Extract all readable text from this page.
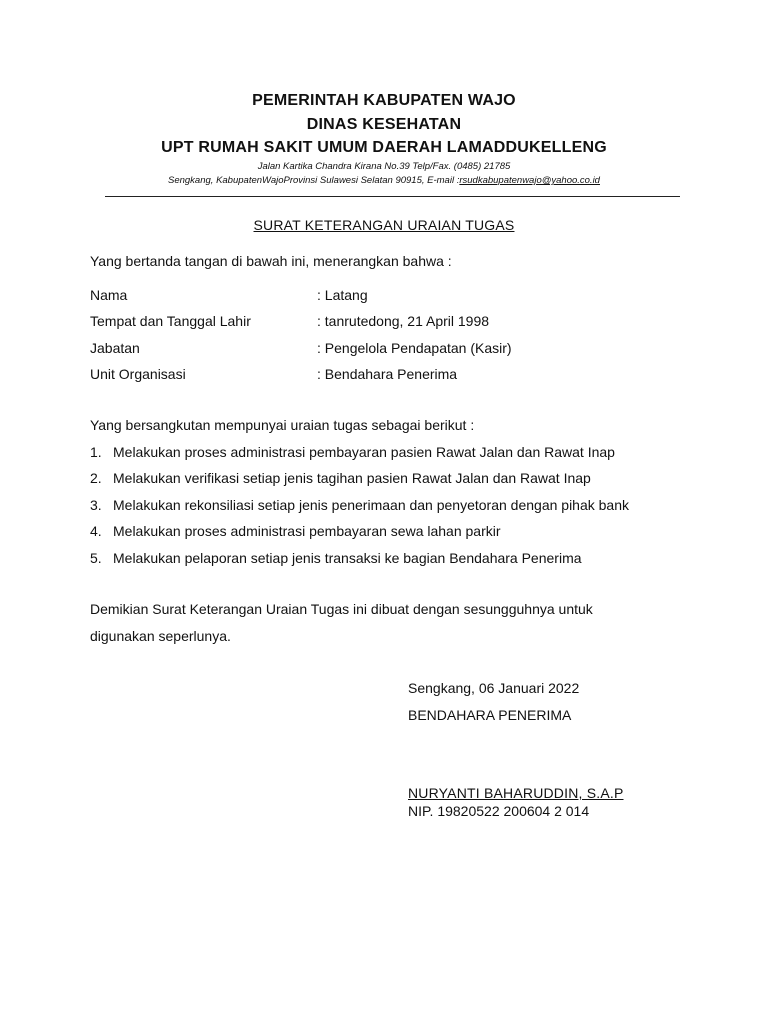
PEMERINTAH KABUPATEN WAJO
DINAS KESEHATAN
UPT RUMAH SAKIT UMUM DAERAH LAMADDUKELLENG
Jalan Kartika Chandra Kirana No.39 Telp/Fax. (0485) 21785
Sengkang, KabupatenWajoProvinsi Sulawesi Selatan 90915, E-mail :rsudkabupatenwajo@yahoo.co.id
SURAT KETERANGAN URAIAN TUGAS
Yang bertanda tangan di bawah ini, menerangkan bahwa :
Nama	: Latang
Tempat dan Tanggal Lahir	: tanrutedong, 21 April 1998
Jabatan	: Pengelola Pendapatan (Kasir)
Unit Organisasi	: Bendahara Penerima
Yang bersangkutan mempunyai uraian tugas sebagai berikut :
1. Melakukan proses administrasi pembayaran pasien Rawat Jalan dan Rawat Inap
2. Melakukan verifikasi setiap jenis tagihan pasien Rawat Jalan dan Rawat Inap
3. Melakukan rekonsiliasi setiap jenis penerimaan dan penyetoran dengan pihak bank
4. Melakukan proses administrasi pembayaran sewa lahan parkir
5. Melakukan pelaporan setiap jenis transaksi ke bagian Bendahara Penerima
Demikian Surat Keterangan Uraian Tugas ini dibuat dengan sesungguhnya untuk
digunakan seperlunya.
Sengkang, 06 Januari 2022
BENDAHARA PENERIMA
NURYANTI BAHARUDDIN, S.A.P
NIP. 19820522 200604 2 014
